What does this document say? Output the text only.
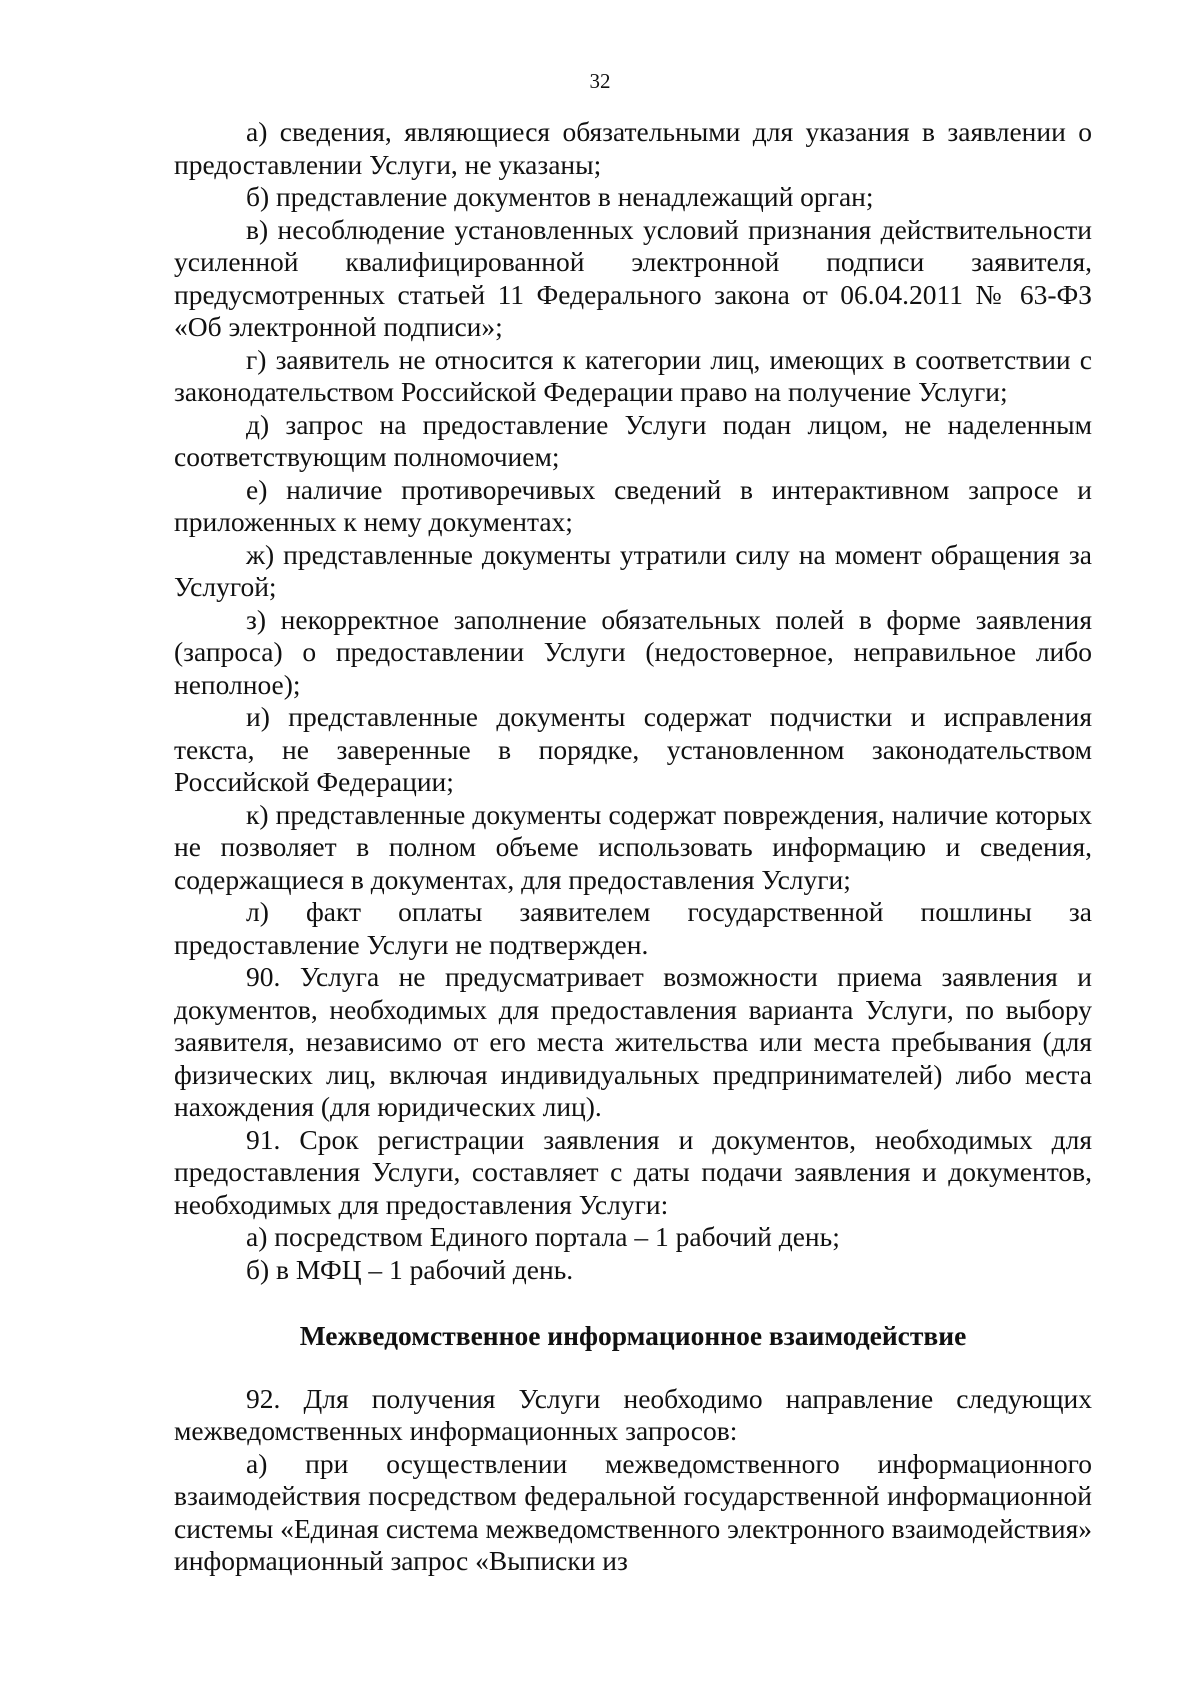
32

а) сведения, являющиеся обязательными для указания в заявлении о предоставлении Услуги, не указаны;

б) представление документов в ненадлежащий орган;

в) несоблюдение установленных условий признания действительности усиленной квалифицированной электронной подписи заявителя, предусмотренных статьей 11 Федерального закона от 06.04.2011 № 63-ФЗ «Об электронной подписи»;

г) заявитель не относится к категории лиц, имеющих в соответствии с законодательством Российской Федерации право на получение Услуги;

д) запрос на предоставление Услуги подан лицом, не наделенным соответствующим полномочием;

е) наличие противоречивых сведений в интерактивном запросе и приложенных к нему документах;

ж) представленные документы утратили силу на момент обращения за Услугой;

з) некорректное заполнение обязательных полей в форме заявления (запроса) о предоставлении Услуги (недостоверное, неправильное либо неполное);

и) представленные документы содержат подчистки и исправления текста, не заверенные в порядке, установленном законодательством Российской Федерации;

к) представленные документы содержат повреждения, наличие которых не позволяет в полном объеме использовать информацию и сведения, содержащиеся в документах, для предоставления Услуги;

л) факт оплаты заявителем государственной пошлины за предоставление Услуги не подтвержден.

90. Услуга не предусматривает возможности приема заявления и документов, необходимых для предоставления варианта Услуги, по выбору заявителя, независимо от его места жительства или места пребывания (для физических лиц, включая индивидуальных предпринимателей) либо места нахождения (для юридических лиц).

91. Срок регистрации заявления и документов, необходимых для предоставления Услуги, составляет с даты подачи заявления и документов, необходимых для предоставления Услуги:

а) посредством Единого портала – 1 рабочий день;

б) в МФЦ – 1 рабочий день.

Межведомственное информационное взаимодействие

92. Для получения Услуги необходимо направление следующих межведомственных информационных запросов:

а) при осуществлении межведомственного информационного взаимодействия посредством федеральной государственной информационной системы «Единая система межведомственного электронного взаимодействия» информационный запрос «Выписки из
